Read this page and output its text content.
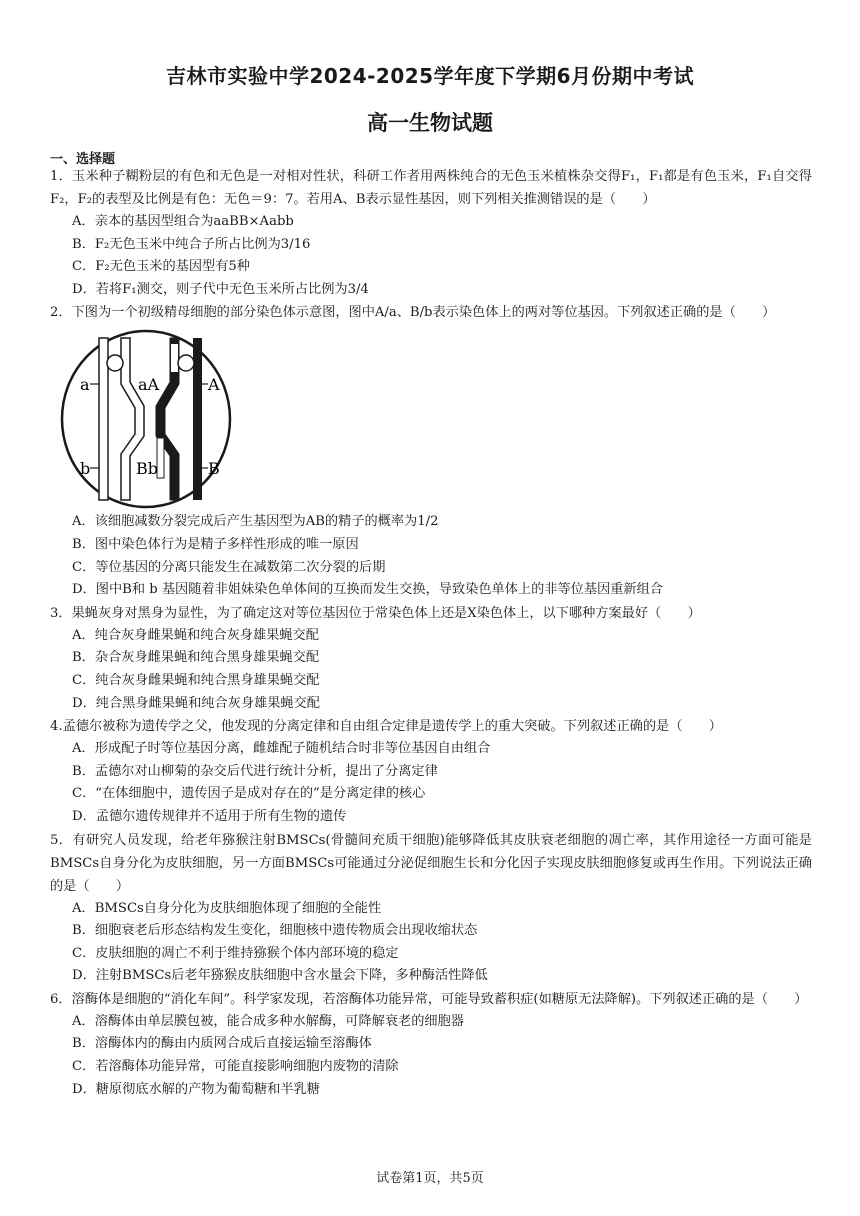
吉林市实验中学2024-2025学年度下学期6月份期中考试
高一生物试题
一、选择题
1．玉米种子糊粉层的有色和无色是一对相对性状，科研工作者用两株纯合的无色玉米植株杂交得F₁，F₁都是有色玉米，F₁自交得F₂，F₂的表型及比例是有色：无色＝9：7。若用A、B表示显性基因，则下列相关推测错误的是（　　）
A．亲本的基因型组合为aaBB×Aabb
B．F₂无色玉米中纯合子所占比例为3/16
C．F₂无色玉米的基因型有5种
D．若将F₁测交，则子代中无色玉米所占比例为3/4
2．下图为一个初级精母细胞的部分染色体示意图，图中A/a、B/b表示染色体上的两对等位基因。下列叙述正确的是（　　）
a	aA	A
b	Bb	B
A．该细胞减数分裂完成后产生基因型为AB的精子的概率为1/2
B．图中染色体行为是精子多样性形成的唯一原因
C．等位基因的分离只能发生在减数第二次分裂的后期
D．图中B和 b 基因随着非姐妹染色单体间的互换而发生交换，导致染色单体上的非等位基因重新组合
3．果蝇灰身对黑身为显性，为了确定这对等位基因位于常染色体上还是X染色体上，以下哪种方案最好（　　）
A．纯合灰身雌果蝇和纯合灰身雄果蝇交配
B．杂合灰身雌果蝇和纯合黑身雄果蝇交配
C．纯合灰身雌果蝇和纯合黑身雄果蝇交配
D．纯合黑身雌果蝇和纯合灰身雄果蝇交配
4.孟德尔被称为遗传学之父，他发现的分离定律和自由组合定律是遗传学上的重大突破。下列叙述正确的是（　　）
A．形成配子时等位基因分离，雌雄配子随机结合时非等位基因自由组合
B．孟德尔对山柳菊的杂交后代进行统计分析，提出了分离定律
C．“在体细胞中，遗传因子是成对存在的”是分离定律的核心
D．孟德尔遗传规律并不适用于所有生物的遗传
5．有研究人员发现，给老年猕猴注射BMSCs(骨髓间充质干细胞)能够降低其皮肤衰老细胞的凋亡率，其作用途径一方面可能是BMSCs自身分化为皮肤细胞，另一方面BMSCs可能通过分泌促细胞生长和分化因子实现皮肤细胞修复或再生作用。下列说法正确的是（　　）
A．BMSCs自身分化为皮肤细胞体现了细胞的全能性
B．细胞衰老后形态结构发生变化，细胞核中遗传物质会出现收缩状态
C．皮肤细胞的凋亡不利于维持猕猴个体内部环境的稳定
D．注射BMSCs后老年猕猴皮肤细胞中含水量会下降，多种酶活性降低
6．溶酶体是细胞的“消化车间”。科学家发现，若溶酶体功能异常，可能导致蓄积症(如糖原无法降解)。下列叙述正确的是（　　）
A．溶酶体由单层膜包被，能合成多种水解酶，可降解衰老的细胞器
B．溶酶体内的酶由内质网合成后直接运输至溶酶体
C．若溶酶体功能异常，可能直接影响细胞内废物的清除
D．糖原彻底水解的产物为葡萄糖和半乳糖
试卷第1页，共5页
